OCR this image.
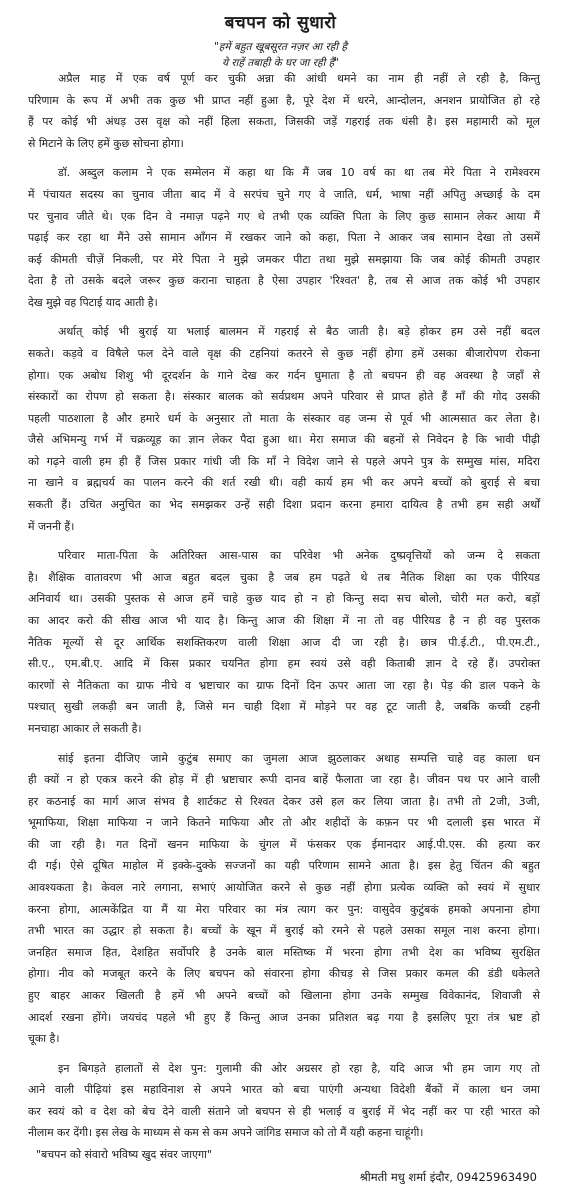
बचपन को सुधारो
"हमें बहुत खूबसूरत नज़र आ रही है
ये राहें तबाही के घर जा रही हैं"
अप्रैल माह में एक वर्ष पूर्ण कर चुकी अन्ना की आंधी थमने का नाम ही नहीं ले रही है, किन्तु
परिणाम के रूप में अभी तक कुछ भी प्राप्त नहीं हुआ है, पूरे देश में धरने, आन्दोलन, अनशन प्रायोजित हो रहे
हैं पर कोई भी अंधड़ उस वृक्ष को नहीं हिला सकता, जिसकी जड़ें गहराई तक धंसी है। इस महामारी को मूल
से मिटाने के लिए हमें कुछ सोचना होगा।
डॉ. अब्दुल कलाम ने एक सम्मेलन में कहा था कि मैं जब 10 वर्ष का था तब मेरे पिता ने रामेश्वरम
में पंचायत सदस्य का चुनाव जीता बाद में वे सरपंच चुने गए वे जाति, धर्म, भाषा नहीं अपितु अच्छाई के दम
पर चुनाव जीते थे। एक दिन वे नमाज़ पढ़ने गए थे तभी एक व्यक्ति पिता के लिए कुछ सामान लेकर आया मैं
पढ़ाई कर रहा था मैंने उसे सामान आँगन में रखकर जाने को कहा, पिता ने आकर जब सामान देखा तो उसमें
कई कीमती चीज़ें निकली, पर मेरे पिता ने मुझे जमकर पीटा तथा मुझे समझाया कि जब कोई कीमती उपहार
देता है तो उसके बदले जरूर कुछ कराना चाहता है ऐसा उपहार 'रिश्वत' है, तब से आज तक कोई भी उपहार
देख मुझे वह पिटाई याद आती है।
अर्थात् कोई भी बुराई या भलाई बालमन में गहराई से बैठ जाती है। बड़े होकर हम उसे नहीं बदल
सकते। कड़वे व विषैले फल देने वाले वृक्ष की टहनियां कतरने से कुछ नहीं होगा हमें उसका बीजारोपण रोकना
होगा। एक अबोध शिशु भी दूरदर्शन के गाने देख कर गर्दन घुमाता है तो बचपन ही वह अवस्था है जहाँ से
संस्कारों का रोपण हो सकता है। संस्कार बालक को सर्वप्रथम अपने परिवार से प्राप्त होते हैं माँ की गोद उसकी
पहली पाठशाला है और हमारे धर्म के अनुसार तो माता के संस्कार वह जन्म से पूर्व भी आत्मसात कर लेता है।
जैसे अभिमन्यु गर्भ में चक्रव्यूह का ज्ञान लेकर पैदा हुआ था। मेरा समाज की बहनों से निवेदन है कि भावी पीढ़ी
को गढ़ने वाली हम ही हैं जिस प्रकार गांधी जी कि माँ ने विदेश जाने से पहले अपने पुत्र के सम्मुख मांस, मदिरा
ना खाने व ब्रह्मचर्य का पालन करने की शर्त रखी थी। वही कार्य हम भी कर अपने बच्चों को बुराई से बचा
सकती हैं। उचित अनुचित का भेद समझकर उन्हें सही दिशा प्रदान करना हमारा दायित्व है तभी हम सही अर्थों
में जननी हैं।
परिवार माता-पिता के अतिरिक्त आस-पास का परिवेश भी अनेक दुष्प्रवृत्तियों को जन्म दे सकता
है। शैक्षिक वातावरण भी आज बहुत बदल चुका है जब हम पढ़ते थे तब नैतिक शिक्षा का एक पीरियड
अनिवार्य था। उसकी पुस्तक से आज हमें चाहे कुछ याद हो न हो किन्तु सदा सच बोलो, चोरी मत करो, बड़ों
का आदर करो की सीख आज भी याद है। किन्तु आज की शिक्षा में ना तो वह पीरियड है न ही वह पुस्तक
नैतिक मूल्यों से दूर आर्थिक सशक्तिकरण वाली शिक्षा आज दी जा रही है। छात्र पी.ई.टी., पी.एम.टी.,
सी.ए., एम.बी.ए. आदि में किस प्रकार चयनित होगा हम स्वयं उसे वही किताबी ज्ञान दे रहे हैं। उपरोक्त
कारणों से नैतिकता का ग्राफ नीचे व भ्रष्टाचार का ग्राफ दिनों दिन ऊपर आता जा रहा है। पेड़ की डाल पकने के
पश्चात् सुखी लकड़ी बन जाती है, जिसे मन चाही दिशा में मोड़ने पर वह टूट जाती है, जबकि कच्ची टहनी
मनचाहा आकार ले सकती है।
सांई इतना दीजिए जामे कुटुंब समाए का जुमला आज झुठलाकर अथाह सम्पत्ति चाहे वह काला धन
ही क्यों न हो एकत्र करने की होड़ में ही भ्रष्टाचार रूपी दानव बाहें फैलाता जा रहा है। जीवन पथ पर आने वाली
हर कठनाई का मार्ग आज संभव है शार्टकट से रिश्वत देकर उसे हल कर लिया जाता है। तभी तो 2जी, 3जी,
भूमाफिया, शिक्षा माफिया न जाने कितने माफिया और तो और शहीदों के कफ़न पर भी दलाली इस भारत में
की जा रही है। गत दिनों खनन माफिया के चुंगल में फंसकर एक ईमानदार आई.पी.एस. की हत्या कर
दी गई। ऐसे दूषित माहोल में इक्के-दुक्के सज्जनों का यही परिणाम सामने आता है। इस हेतु चिंतन की बहुत
आवश्यकता है। केवल नारे लगाना, सभाएं आयोजित करने से कुछ नहीं होगा प्रत्येक व्यक्ति को स्वयं में सुधार
करना होगा, आत्मकेंद्रित या मैं या मेरा परिवार का मंत्र त्याग कर पुन: वासुदेव कुटुंबकं हमको अपनाना होगा
तभी भारत का उद्धार हो सकता है। बच्चों के खून में बुराई को रमने से पहले उसका समूल नाश करना होगा।
जनहित समाज हित, देशहित सर्वोपरि है उनके बाल मस्तिष्क में भरना होगा तभी देश का भविष्य सुरक्षित
होगा। नीव को मजबूत करने के लिए बचपन को संवारना होगा कीचड़ से जिस प्रकार कमल की डंडी धकेलते
हुए बाहर आकर खिलती है हमें भी अपने बच्चों को खिलाना होगा उनके सम्मुख विवेकानंद, शिवाजी से
आदर्श रखना होंगे। जयचंद पहले भी हुए हैं किन्तु आज उनका प्रतिशत बढ़ गया है इसलिए पूरा तंत्र भ्रष्ट हो
चूका है।
इन बिगड़ते हालातों से देश पुन: गुलामी की ओर अग्रसर हो रहा है, यदि आज भी हम जाग गए तो
आने वाली पीढ़ियां इस महाविनाश से अपने भारत को बचा पाएंगी अन्यथा विदेशी बैंकों में काला धन जमा
कर स्वयं को व देश को बेच देने वाली संताने जो बचपन से ही भलाई व बुराई में भेद नहीं कर पा रही भारत को
नीलाम कर देंगी। इस लेख के माध्यम से कम से कम अपने जांगिड समाज को तो मैं यही कहना चाहूंगी।
"बचपन को संवारो भविष्य खुद संवर जाएगा"
श्रीमती मधु शर्मा इंदौर, 09425963490
